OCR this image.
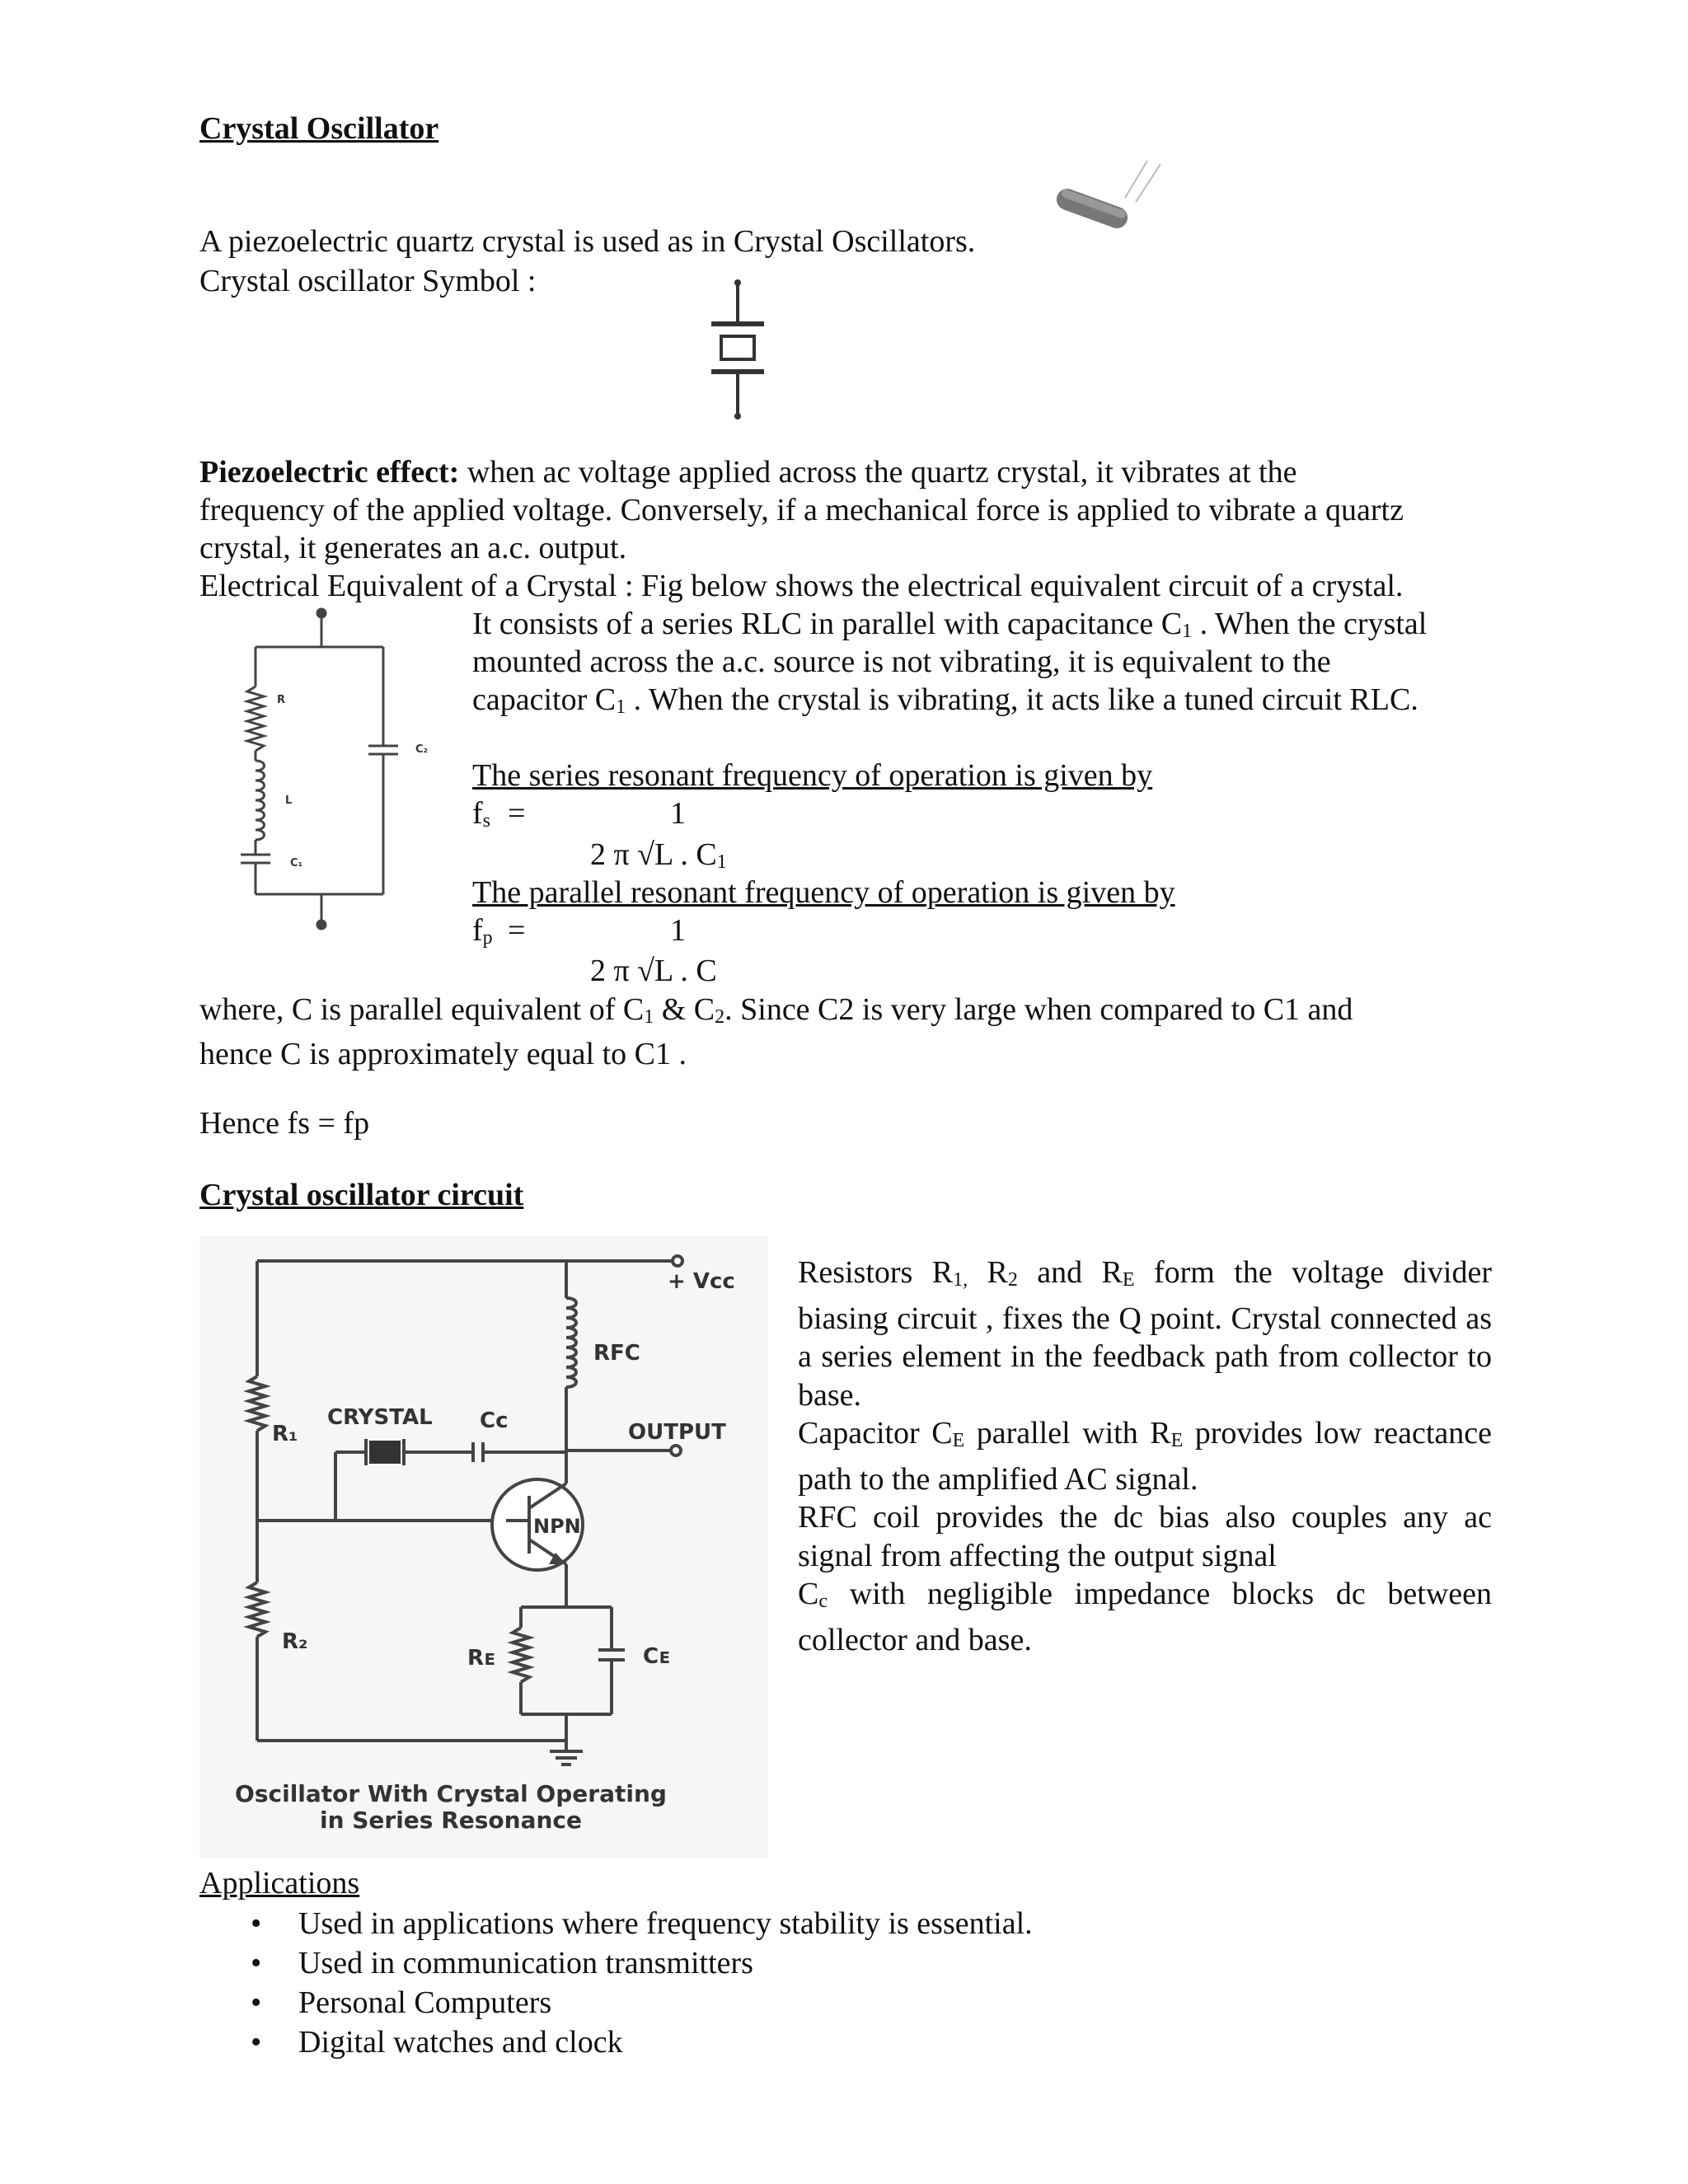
Crystal Oscillator
A piezoelectric quartz crystal is used as in Crystal Oscillators.
Crystal oscillator Symbol :
Piezoelectric effect: when ac voltage applied across the quartz crystal, it vibrates at the
frequency of the applied voltage. Conversely, if a mechanical force is applied to vibrate a quartz
crystal, it generates an a.c. output.
Electrical Equivalent of a Crystal : Fig below shows the electrical equivalent circuit of a crystal.
It consists of a series RLC in parallel with capacitance $C_1$ . When the crystal
mounted across the a.c. source is not vibrating, it is equivalent to the
capacitor $C_1$ . When the crystal is vibrating, it acts like a tuned circuit RLC.
R
L
C₁
C₂
The series resonant frequency of operation is given by
$f_s$ =	1
2 π √L . $C_1$
The parallel resonant frequency of operation is given by
$f_p$ =	1
2 π √L . C
where, C is parallel equivalent of $C_1$ & $C_2$. Since C2 is very large when compared to C1 and
hence C is approximately equal to C1 .
Hence fs = fp
Crystal oscillator circuit
+ Vcc
RFC
CRYSTAL Cc	OUTPUT
R₁
NPN
R₂
Rᴇ	Cᴇ
Oscillator With Crystal Operating
in Series Resonance
Resistors $R_{1,}$ $R_2$ and $R_E$ form the voltage divider biasing circuit , fixes the Q point. Crystal connected as a series element in the feedback path from collector to base.
Capacitor $C_E$ parallel with $R_E$ provides low reactance path to the amplified AC signal.
RFC coil provides the dc bias also couples any ac signal from affecting the output signal
$C_c$ with negligible impedance blocks dc between collector and base.
Applications
• Used in applications where frequency stability is essential.
• Used in communication transmitters
• Personal Computers
• Digital watches and clock
